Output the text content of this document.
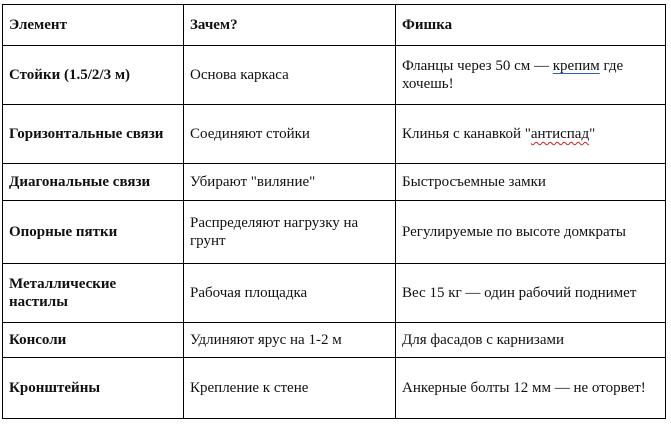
Элемент	Зачем?	Фишка
Стойки (1.5/2/3 м)	Основа каркаса	Фланцы через 50 см — крепим где хочешь!
Горизонтальные связи	Соединяют стойки	Клинья с канавкой "антиспад"
Диагональные связи	Убирают "виляние"	Быстросъемные замки
Опорные пятки	Распределяют нагрузку на грунт	Регулируемые по высоте домкраты
Металлические настилы	Рабочая площадка	Вес 15 кг — один рабочий поднимет
Консоли	Удлиняют ярус на 1-2 м	Для фасадов с карнизами
Кронштейны	Крепление к стене	Анкерные болты 12 мм — не оторвет!
